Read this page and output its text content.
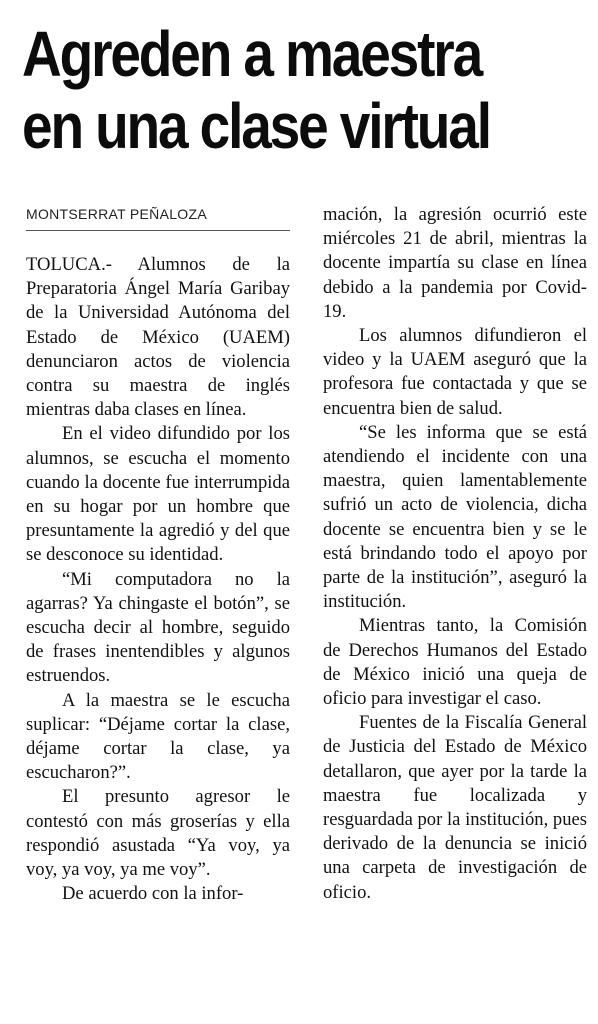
Agreden a maestra
en una clase virtual
MONTSERRAT PEÑALOZA

TOLUCA.- Alumnos de la Preparatoria Ángel María Garibay de la Universidad Autónoma del Estado de México (UAEM) denunciaron actos de violencia contra su maestra de inglés mientras daba clases en línea.

En el video difundido por los alumnos, se escucha el momento cuando la docente fue interrumpida en su hogar por un hombre que presuntamente la agredió y del que se desconoce su identidad.

“Mi computadora no la agarras? Ya chingaste el botón”, se escucha decir al hombre, seguido de frases inentendibles y algunos estruendos.

A la maestra se le escucha suplicar: “Déjame cortar la clase, déjame cortar la clase, ya escucharon?”.

El presunto agresor le contestó con más groserías y ella respondió asustada “Ya voy, ya voy, ya voy, ya me voy”.

De acuerdo con la infor-

mación, la agresión ocurrió este miércoles 21 de abril, mientras la docente impartía su clase en línea debido a la pandemia por Covid-19.

Los alumnos difundieron el video y la UAEM aseguró que la profesora fue contactada y que se encuentra bien de salud.

“Se les informa que se está atendiendo el incidente con una maestra, quien lamentablemente sufrió un acto de violencia, dicha docente se encuentra bien y se le está brindando todo el apoyo por parte de la institución”, aseguró la institución.

Mientras tanto, la Comisión de Derechos Humanos del Estado de México inició una queja de oficio para investigar el caso.

Fuentes de la Fiscalía General de Justicia del Estado de México detallaron, que ayer por la tarde la maestra fue localizada y resguardada por la institución, pues derivado de la denuncia se inició una carpeta de investigación de oficio.
